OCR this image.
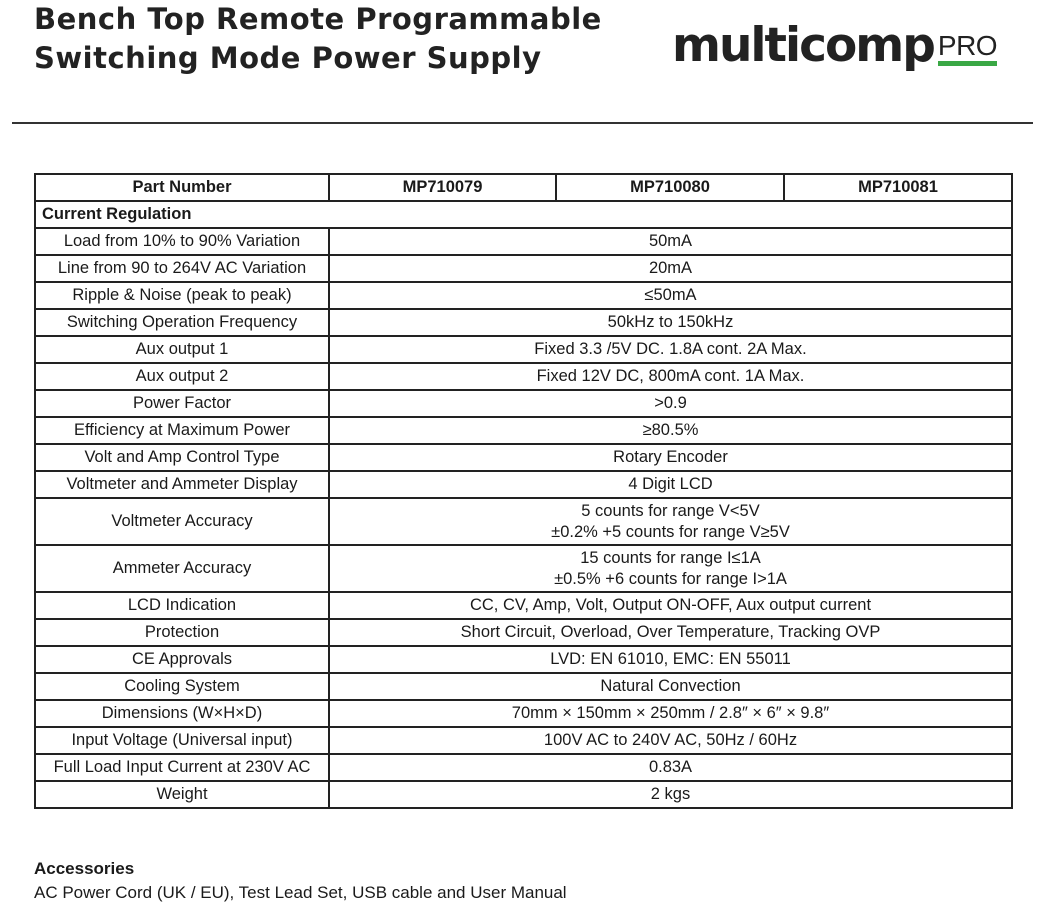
Bench Top Remote Programmable
Switching Mode Power Supply	multicomp PRO
Part Number	MP710079	MP710080	MP710081
Current Regulation			
Load from 10% to 90% Variation	50mA		

Line from 90 to 264V AC Variation	20mA		

Ripple & Noise (peak to peak)	≤50mA		

Switching Operation Frequency	50kHz to 150kHz		

Aux output 1	Fixed 3.3 /5V DC. 1.8A cont. 2A Max.		

Aux output 2	Fixed 12V DC, 800mA cont. 1A Max.		

Power Factor	>0.9		

Efficiency at Maximum Power	≥80.5%		

Volt and Amp Control Type	Rotary Encoder		

Voltmeter and Ammeter Display	4 Digit LCD		

Voltmeter Accuracy	5 counts for range V<5V
±0.2% +5 counts for range V≥5V		

Ammeter Accuracy	15 counts for range I≤1A
±0.5% +6 counts for range I>1A		

LCD Indication	CC, CV, Amp, Volt, Output ON-OFF, Aux output current		

Protection	Short Circuit, Overload, Over Temperature, Tracking OVP		

CE Approvals	LVD: EN 61010, EMC: EN 55011		

Cooling System	Natural Convection		

Dimensions (W×H×D)	70mm × 150mm × 250mm / 2.8″ × 6″ × 9.8″		

Input Voltage (Universal input)	100V AC to 240V AC, 50Hz / 60Hz		

Full Load Input Current at 230V AC	0.83A		

Weight	2 kgs		
Accessories

AC Power Cord (UK / EU), Test Lead Set, USB cable and User Manual
